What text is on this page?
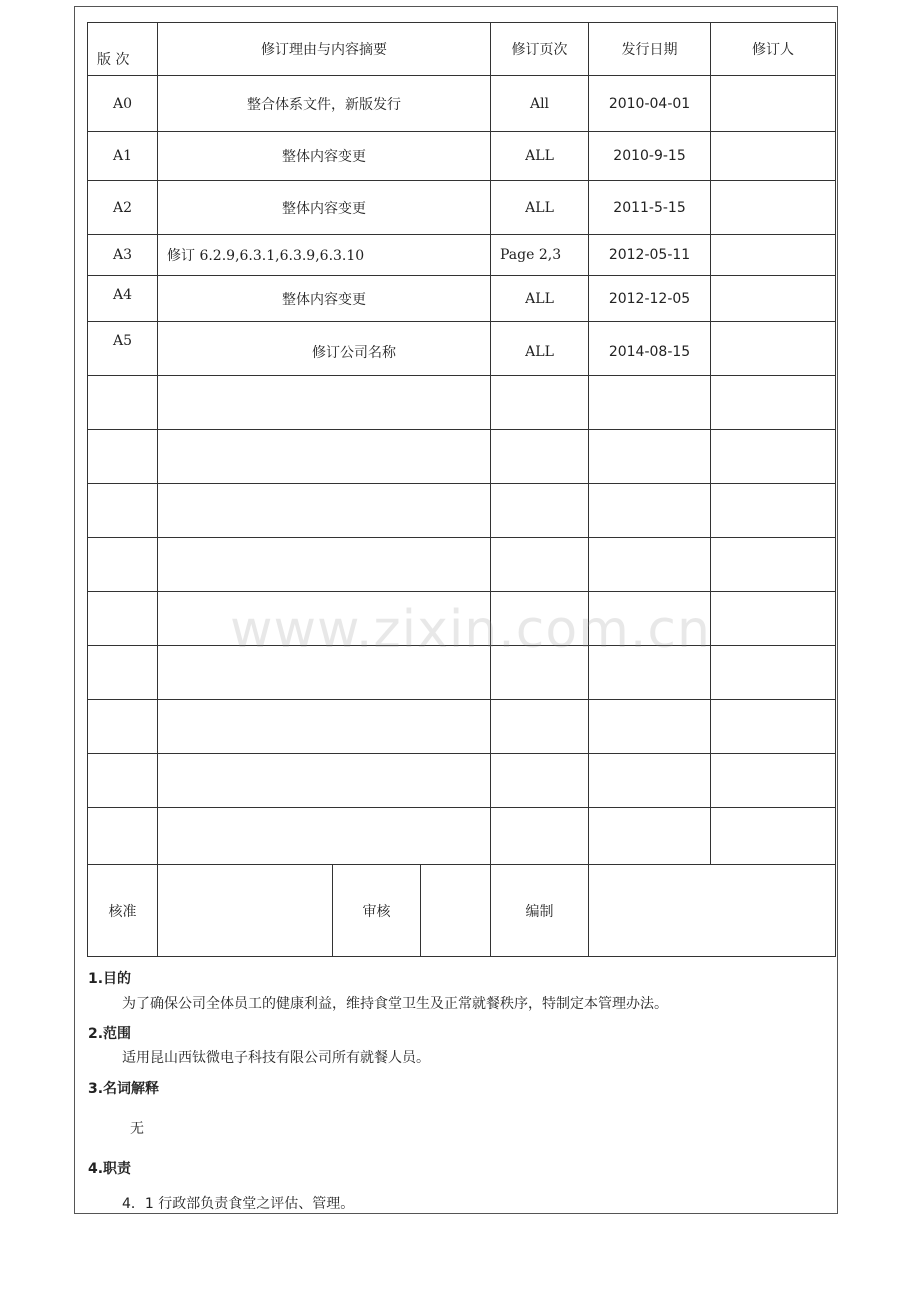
版 次	修订理由与内容摘要			修订页次	发行日期	修订人
A0	整合体系文件，新版发行			All	2010-04-01	
A1	整体内容变更			ALL	2010-9-15	
A2	整体内容变更			ALL	2011-5-15	
A3	修订 6.2.9,6.3.1,6.3.9,6.3.10			Page 2,3	2012-05-11	
A4	整体内容变更			ALL	2012-12-05	
A5	修订公司名称			ALL	2014-08-15	

核准		审核		编制		
www.zixin.com.cn
1.目的
为了确保公司全体员工的健康利益，维持食堂卫生及正常就餐秩序，特制定本管理办法。
2.范围
适用昆山西钛微电子科技有限公司所有就餐人员。
3.名词解释
无
4.职责
4．1 行政部负责食堂之评估、管理。
